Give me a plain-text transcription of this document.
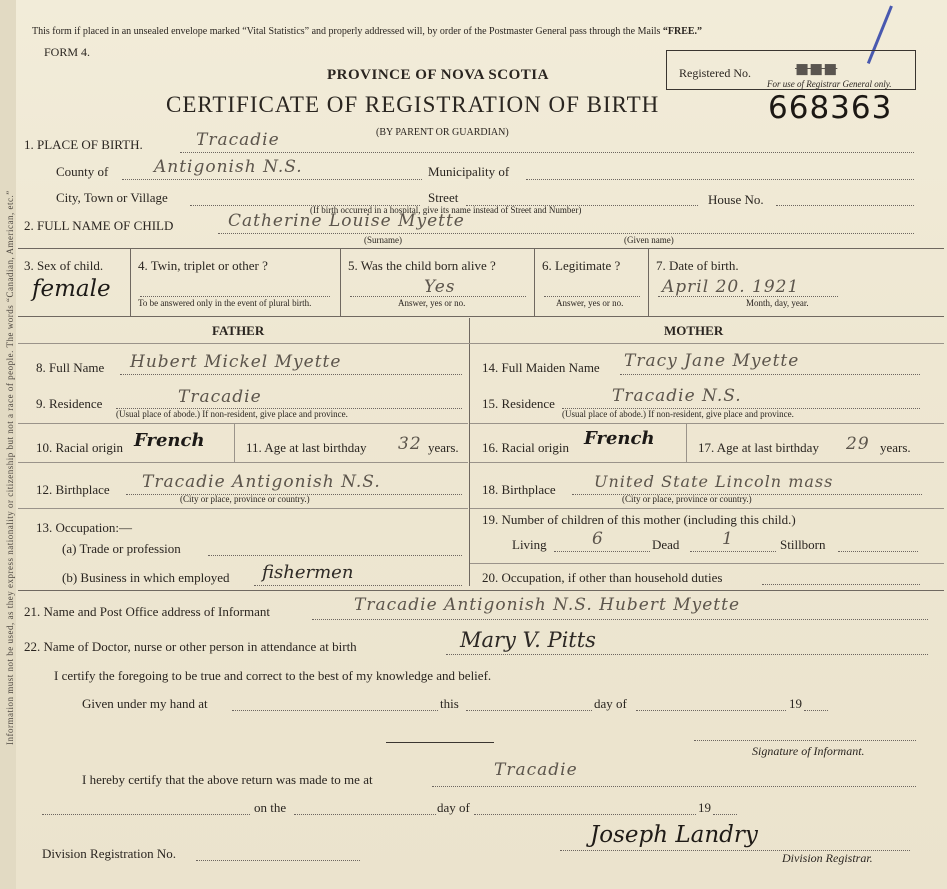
Information must not be used, as they express nationality or citizenship but not a race of people. The words “Canadian, American, etc.”
This form if placed in an unsealed envelope marked “Vital Statistics” and properly addressed will, by order of the Postmaster General pass through the Mails “FREE.”
FORM 4.
Registered No.	◼◼◼
For use of Registrar General only.
PROVINCE OF NOVA SCOTIA
CERTIFICATE OF REGISTRATION OF BIRTH	668363
(BY PARENT OR GUARDIAN)
1. PLACE OF BIRTH.	Tracadie
County of	Antigonish N.S.	Municipality of
City, Town or Village	Street
(If birth occurred in a hospital, give its name instead of Street and Number)
House No.
2. FULL NAME OF CHILD	Catherine Louise Myette
(Surname)	(Given name)
3. Sex of child.
female
4. Twin, triplet or other ?
To be answered only in the event of plural birth.
5. Was the child born alive ?
Yes
Answer, yes or no.
6. Legitimate ?
Answer, yes or no.
7. Date of birth.
April 20. 1921
Month, day, year.
FATHER	MOTHER
8. Full Name Hubert Mickel Myette
9. Residence	Tracadie
(Usual place of abode.) If non-resident, give place and province.
10. Racial origin French	11. Age at last birthday 32 years.
12. Birthplace Tracadie Antigonish N.S.
(City or place, province or country.)
13. Occupation:—
(a) Trade or profession
(b) Business in which employed fishermen
14. Full Maiden Name Tracy Jane Myette
15. Residence	Tracadie N.S.
(Usual place of abode.) If non-resident, give place and province.
16. Racial origin French	17. Age at last birthday 29 years.
18. Birthplace United State Lincoln mass
(City or place, province or country.)
19. Number of children of this mother (including this child.)
Living	6	Dead	1	Stillborn
20. Occupation, if other than household duties
21. Name and Post Office address of Informant	Tracadie Antigonish N.S. Hubert Myette
22. Name of Doctor, nurse or other person in attendance at birth	Mary V. Pitts
I certify the foregoing to be true and correct to the best of my knowledge and belief.
Given under my hand at	this	day of	19
Signature of Informant.
I hereby certify that the above return was made to me at	Tracadie
on the	day of	19
Division Registration No.
Joseph Landry
Division Registrar.
